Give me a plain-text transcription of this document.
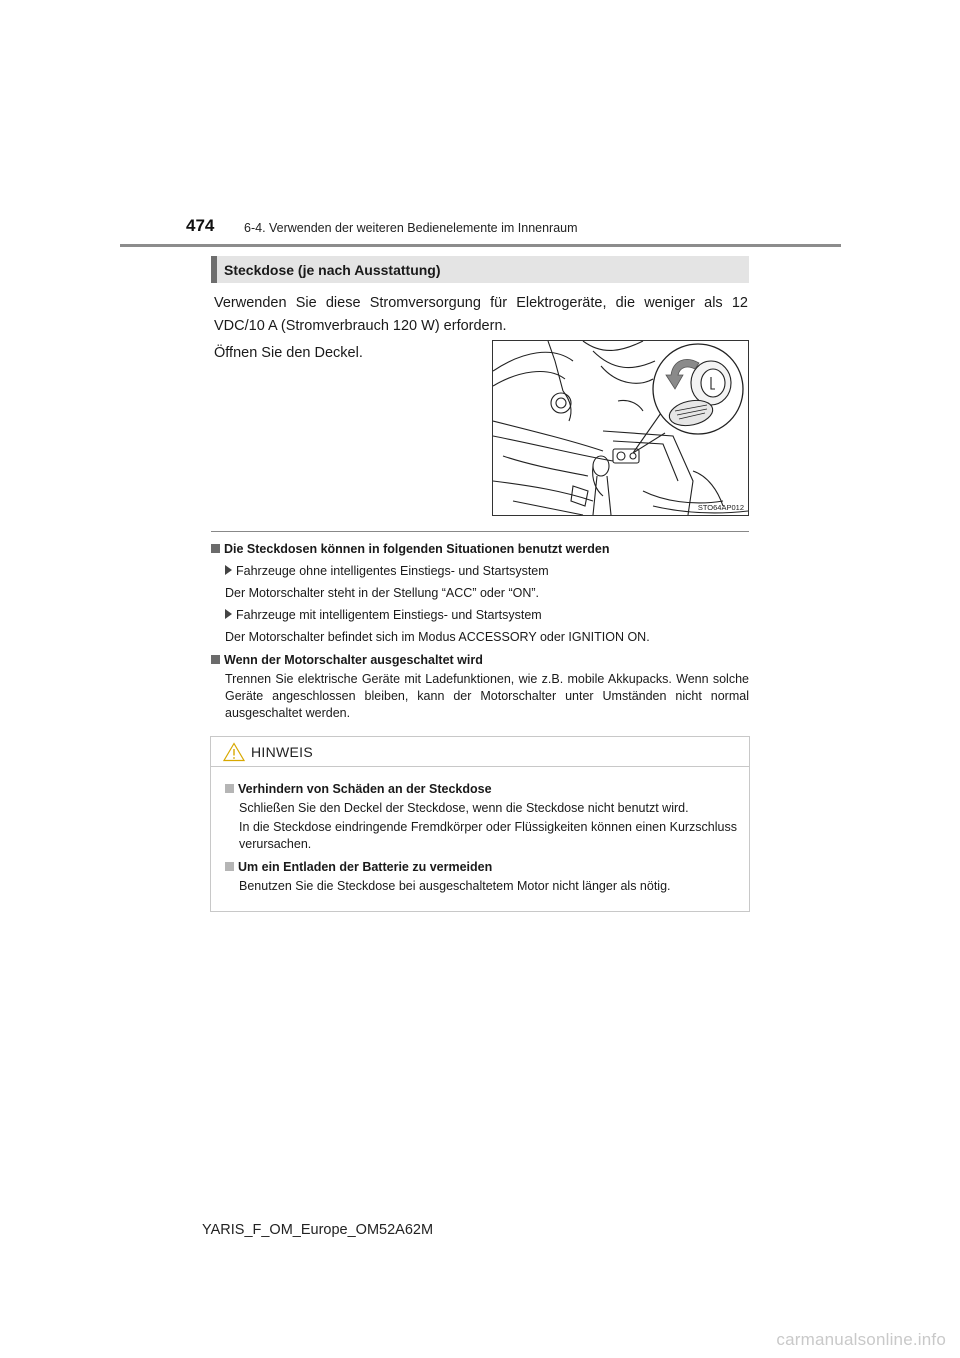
474 6-4. Verwenden der weiteren Bedienelemente im Innenraum
Steckdose (je nach Ausstattung)
Verwenden Sie diese Stromversorgung für Elektrogeräte, die weniger als 12 VDC/10 A (Stromverbrauch 120 W) erfordern.
Öffnen Sie den Deckel.
STO64AP012
Die Steckdosen können in folgenden Situationen benutzt werden
Fahrzeuge ohne intelligentes Einstiegs- und Startsystem
Der Motorschalter steht in der Stellung “ACC” oder “ON”.
Fahrzeuge mit intelligentem Einstiegs- und Startsystem
Der Motorschalter befindet sich im Modus ACCESSORY oder IGNITION ON.
Wenn der Motorschalter ausgeschaltet wird
Trennen Sie elektrische Geräte mit Ladefunktionen, wie z.B. mobile Akkupacks. Wenn solche Geräte angeschlossen bleiben, kann der Motorschalter unter Umständen nicht normal ausgeschaltet werden.
HINWEIS
Verhindern von Schäden an der Steckdose
Schließen Sie den Deckel der Steckdose, wenn die Steckdose nicht benutzt wird.
In die Steckdose eindringende Fremdkörper oder Flüssigkeiten können einen Kurzschluss verursachen.
Um ein Entladen der Batterie zu vermeiden
Benutzen Sie die Steckdose bei ausgeschaltetem Motor nicht länger als nötig.
YARIS_F_OM_Europe_OM52A62M
carmanualsonline.info
